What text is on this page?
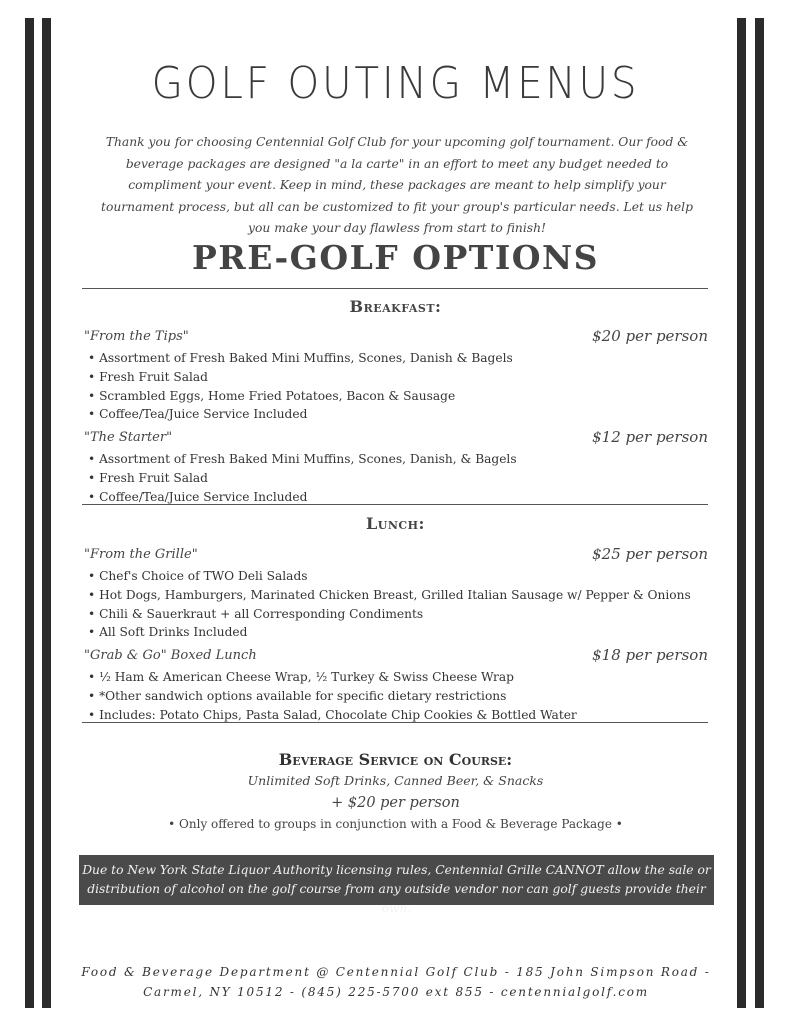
GOLF OUTING MENUS

Thank you for choosing Centennial Golf Club for your upcoming golf tournament. Our food & beverage packages are designed "a la carte" in an effort to meet any budget needed to compliment your event. Keep in mind, these packages are meant to help simplify your tournament process, but all can be customized to fit your group's particular needs. Let us help you make your day flawless from start to finish!

PRE-GOLF OPTIONS
Breakfast:
"From the Tips"	$20 per person
• Assortment of Fresh Baked Mini Muffins, Scones, Danish & Bagels
• Fresh Fruit Salad
• Scrambled Eggs, Home Fried Potatoes, Bacon & Sausage
• Coffee/Tea/Juice Service Included
"The Starter"	$12 per person
• Assortment of Fresh Baked Mini Muffins, Scones, Danish, & Bagels
• Fresh Fruit Salad
• Coffee/Tea/Juice Service Included
Lunch:
"From the Grille"	$25 per person
• Chef's Choice of TWO Deli Salads
• Hot Dogs, Hamburgers, Marinated Chicken Breast, Grilled Italian Sausage w/ Pepper & Onions
• Chili & Sauerkraut + all Corresponding Condiments
• All Soft Drinks Included
"Grab & Go" Boxed Lunch	$18 per person
• ½ Ham & American Cheese Wrap, ½ Turkey & Swiss Cheese Wrap
• *Other sandwich options available for specific dietary restrictions
• Includes: Potato Chips, Pasta Salad, Chocolate Chip Cookies & Bottled Water
Beverage Service on Course:
Unlimited Soft Drinks, Canned Beer, & Snacks
+ $20 per person
• Only offered to groups in conjunction with a Food & Beverage Package •
Due to New York State Liquor Authority licensing rules, Centennial Grille CANNOT allow the sale or
distribution of alcohol on the golf course from any outside vendor nor can golf guests provide their own.
Food & Beverage Department @ Centennial Golf Club - 185 John Simpson Road -
Carmel, NY 10512 - (845) 225-5700 ext 855 - centennialgolf.com
